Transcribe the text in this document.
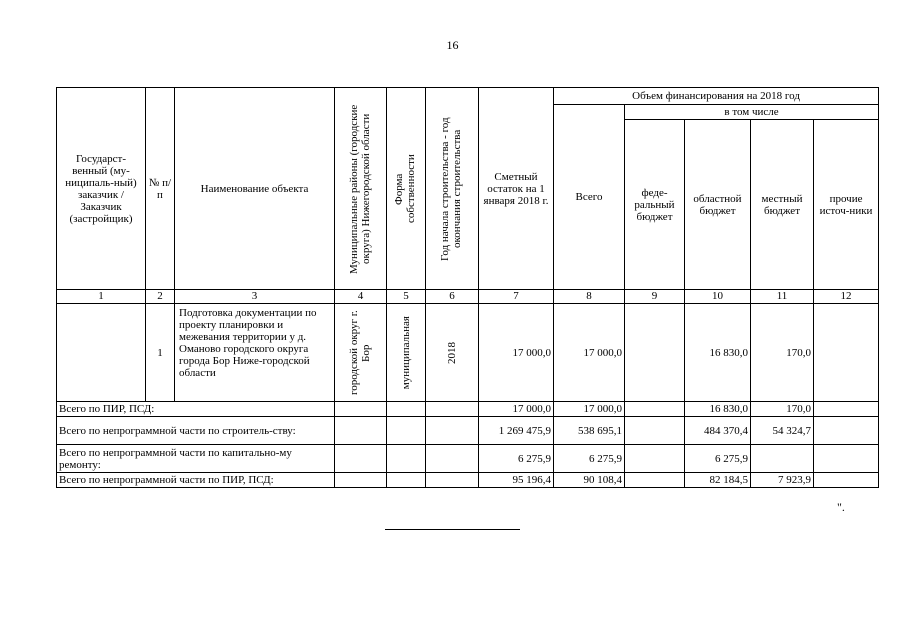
16
Государст-венный (му-ниципаль-ный) заказчик / Заказчик (застройщик)	№ п/п	Наименование объекта	Муниципальные районы (городские округа) Нижегородской области	Форма собственности	Год начала строительства - год окончания строительства	Сметный остаток на 1 января 2018 г.	Объем финансирования на 2018 год				
							Всего	в том числе			
								феде-ральный бюджет	областной бюджет	местный бюджет	прочие источ-ники
1	2	3	4	5	6	7	8	9	10	11	12
	1	Подготовка документации по проекту планировки и межевания территории у д. Оманово городского округа города Бор Ниже-городской области	городской округ г. Бор	муниципальная	2018	17 000,0	17 000,0		16 830,0	170,0	
Всего по ПИР, ПСД:						17 000,0	17 000,0		16 830,0	170,0	
Всего по непрограммной части по строитель-ству:						1 269 475,9	538 695,1		484 370,4	54 324,7	
Всего по непрограммной части по капитально-му ремонту:						6 275,9	6 275,9		6 275,9		
Всего по непрограммной части по ПИР, ПСД:						95 196,4	90 108,4		82 184,5	7 923,9	
".
